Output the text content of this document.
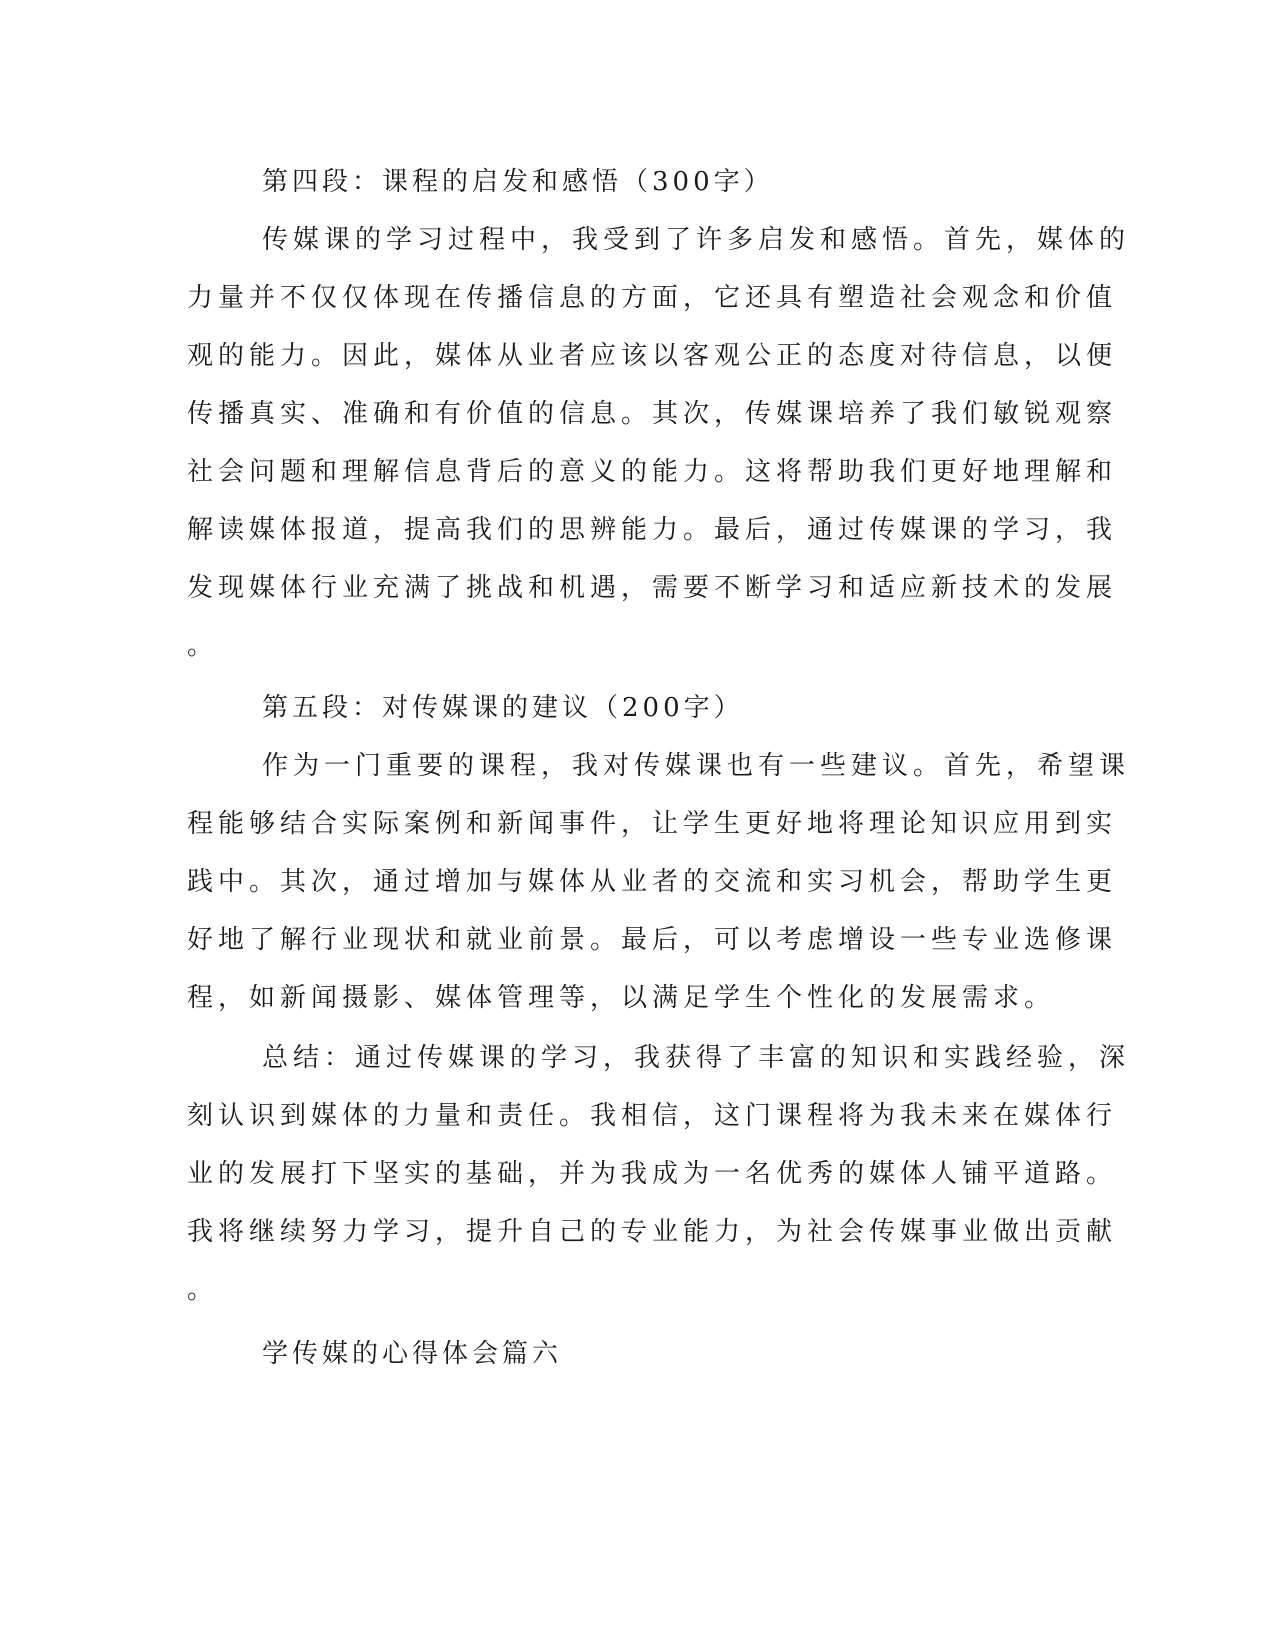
第四段：课程的启发和感悟（300字）
传媒课的学习过程中，我受到了许多启发和感悟。首先，媒体的
力量并不仅仅体现在传播信息的方面，它还具有塑造社会观念和价值
观的能力。因此，媒体从业者应该以客观公正的态度对待信息，以便
传播真实、准确和有价值的信息。其次，传媒课培养了我们敏锐观察
社会问题和理解信息背后的意义的能力。这将帮助我们更好地理解和
解读媒体报道，提高我们的思辨能力。最后，通过传媒课的学习，我
发现媒体行业充满了挑战和机遇，需要不断学习和适应新技术的发展
。
第五段：对传媒课的建议（200字）
作为一门重要的课程，我对传媒课也有一些建议。首先，希望课
程能够结合实际案例和新闻事件，让学生更好地将理论知识应用到实
践中。其次，通过增加与媒体从业者的交流和实习机会，帮助学生更
好地了解行业现状和就业前景。最后，可以考虑增设一些专业选修课
程，如新闻摄影、媒体管理等，以满足学生个性化的发展需求。
总结：通过传媒课的学习，我获得了丰富的知识和实践经验，深
刻认识到媒体的力量和责任。我相信，这门课程将为我未来在媒体行
业的发展打下坚实的基础，并为我成为一名优秀的媒体人铺平道路。
我将继续努力学习，提升自己的专业能力，为社会传媒事业做出贡献
。
学传媒的心得体会篇六
